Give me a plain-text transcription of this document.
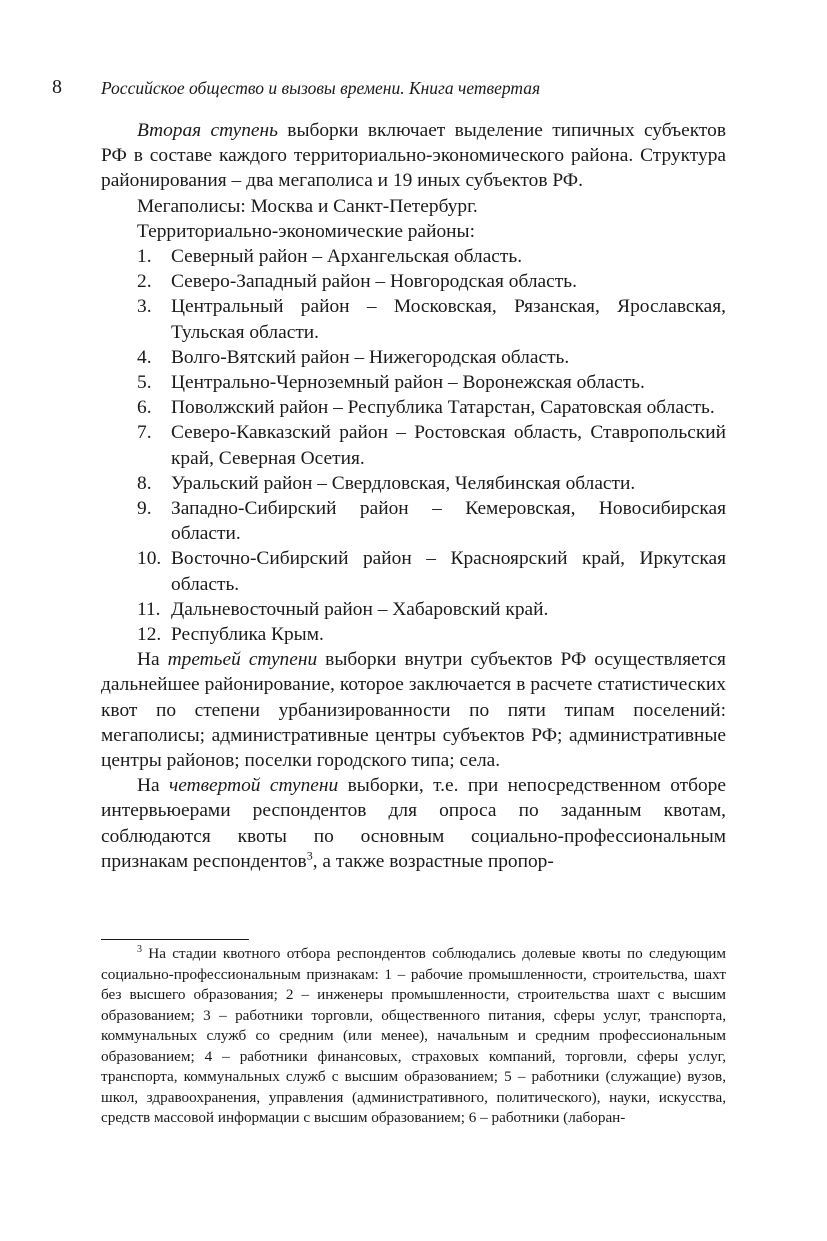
8 Российское общество и вызовы времени. Книга четвертая

Вторая ступень выборки включает выделение типичных субъектов РФ в составе каждого территориально-экономического района. Структура районирования – два мегаполиса и 19 иных субъектов РФ.

Мегаполисы: Москва и Санкт-Петербург.

Территориально-экономические районы:

1. Северный район – Архангельская область.
2. Северо-Западный район – Новгородская область.
3. Центральный район – Московская, Рязанская, Ярославская, Тульская области.
4. Волго-Вятский район – Нижегородская область.
5. Центрально-Черноземный район – Воронежская область.
6. Поволжский район – Республика Татарстан, Саратовская область.
7. Северо-Кавказский район – Ростовская область, Ставропольский край, Северная Осетия.
8. Уральский район – Свердловская, Челябинская области.
9. Западно-Сибирский район – Кемеровская, Новосибирская области.
10. Восточно-Сибирский район – Красноярский край, Иркутская область.
11. Дальневосточный район – Хабаровский край.
12. Республика Крым.

На третьей ступени выборки внутри субъектов РФ осуществляется дальнейшее районирование, которое заключается в расчете статистических квот по степени урбанизированности по пяти типам поселений: мегаполисы; административные центры субъектов РФ; административные центры районов; поселки городского типа; села.

На четвертой ступени выборки, т.е. при непосредственном отборе интервьюерами респондентов для опроса по заданным квотам, соблюдаются квоты по основным социально-профессиональным признакам респондентов$^3$, а также возрастные пропор-

$^3$ На стадии квотного отбора респондентов соблюдались долевые квоты по следующим социально-профессиональным признакам: 1 – рабочие промышленности, строительства, шахт без высшего образования; 2 – инженеры промышленности, строительства шахт с высшим образованием; 3 – работники торговли, общественного питания, сферы услуг, транспорта, коммунальных служб со средним (или менее), начальным и средним профессиональным образованием; 4 – работники финансовых, страховых компаний, торговли, сферы услуг, транспорта, коммунальных служб с высшим образованием; 5 – работники (служащие) вузов, школ, здравоохранения, управления (административного, политического), науки, искусства, средств массовой информации с высшим образованием; 6 – работники (лаборан-
